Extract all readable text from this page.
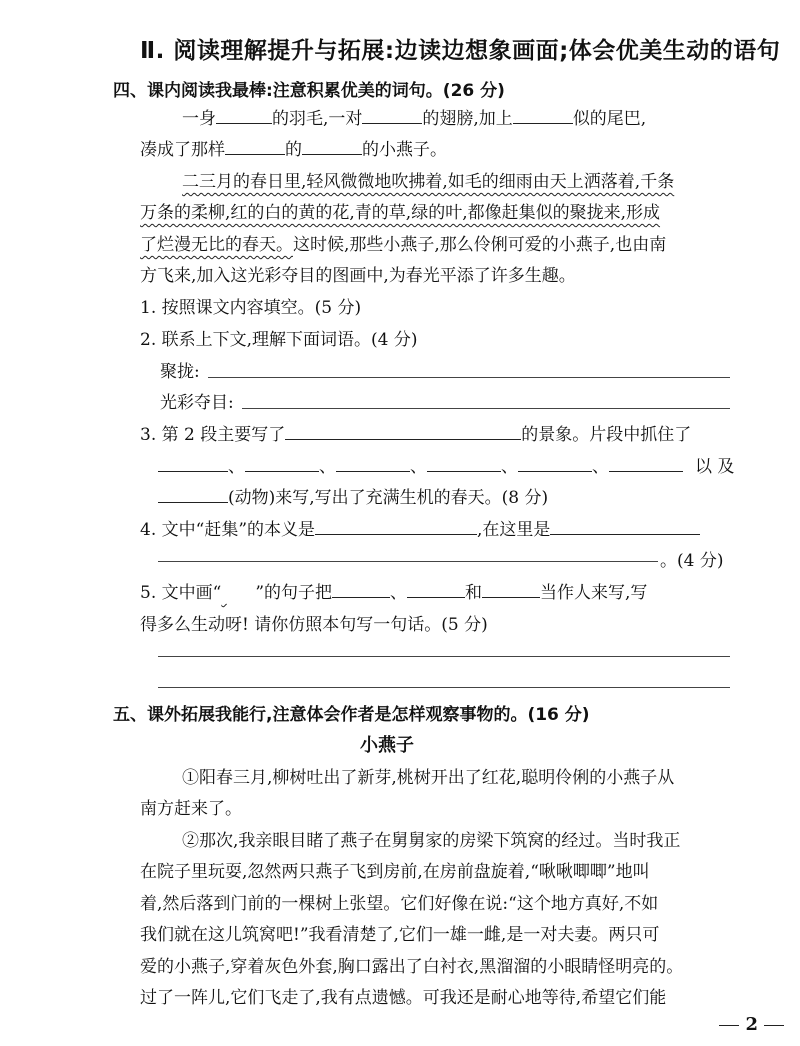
Ⅱ. 阅读理解提升与拓展:边读边想象画面;体会优美生动的语句
四、课内阅读我最棒:注意积累优美的词句。(26 分)
一身	的羽毛,一对	的翅膀,加上	似的尾巴,
凑成了那样	的	的小燕子。
二三月的春日里,轻风微微地吹拂着,如毛的细雨由天上洒落着,千条
万条的柔柳,红的白的黄的花,青的草,绿的叶,都像赶集似的聚拢来,形成
了烂漫无比的春天。这时候,那些小燕子,那么伶俐可爱的小燕子,也由南
方飞来,加入这光彩夺目的图画中,为春光平添了许多生趣。
1. 按照课文内容填空。(5 分)
2. 联系上下文,理解下面词语。(4 分)
聚拢:
光彩夺目:
3. 第 2 段主要写了	的景象。片段中抓住了
、	、	、	、	、	以 及
(动物)来写,写出了充满生机的春天。(8 分)
4. 文中“赶集”的本义是	,在这里是
。(4 分)
5. 文中画“ ”的句子把	、	和	当作人来写,写
得多么生动呀! 请你仿照本句写一句话。(5 分)
五、课外拓展我能行,注意体会作者是怎样观察事物的。(16 分)
小燕子
①阳春三月,柳树吐出了新芽,桃树开出了红花,聪明伶俐的小燕子从
南方赶来了。
②那次,我亲眼目睹了燕子在舅舅家的房梁下筑窝的经过。当时我正
在院子里玩耍,忽然两只燕子飞到房前,在房前盘旋着,“啾啾唧唧”地叫
着,然后落到门前的一棵树上张望。它们好像在说:“这个地方真好,不如
我们就在这儿筑窝吧!”我看清楚了,它们一雄一雌,是一对夫妻。两只可
爱的小燕子,穿着灰色外套,胸口露出了白衬衣,黑溜溜的小眼睛怪明亮的。
过了一阵儿,它们飞走了,我有点遗憾。可我还是耐心地等待,希望它们能
2
